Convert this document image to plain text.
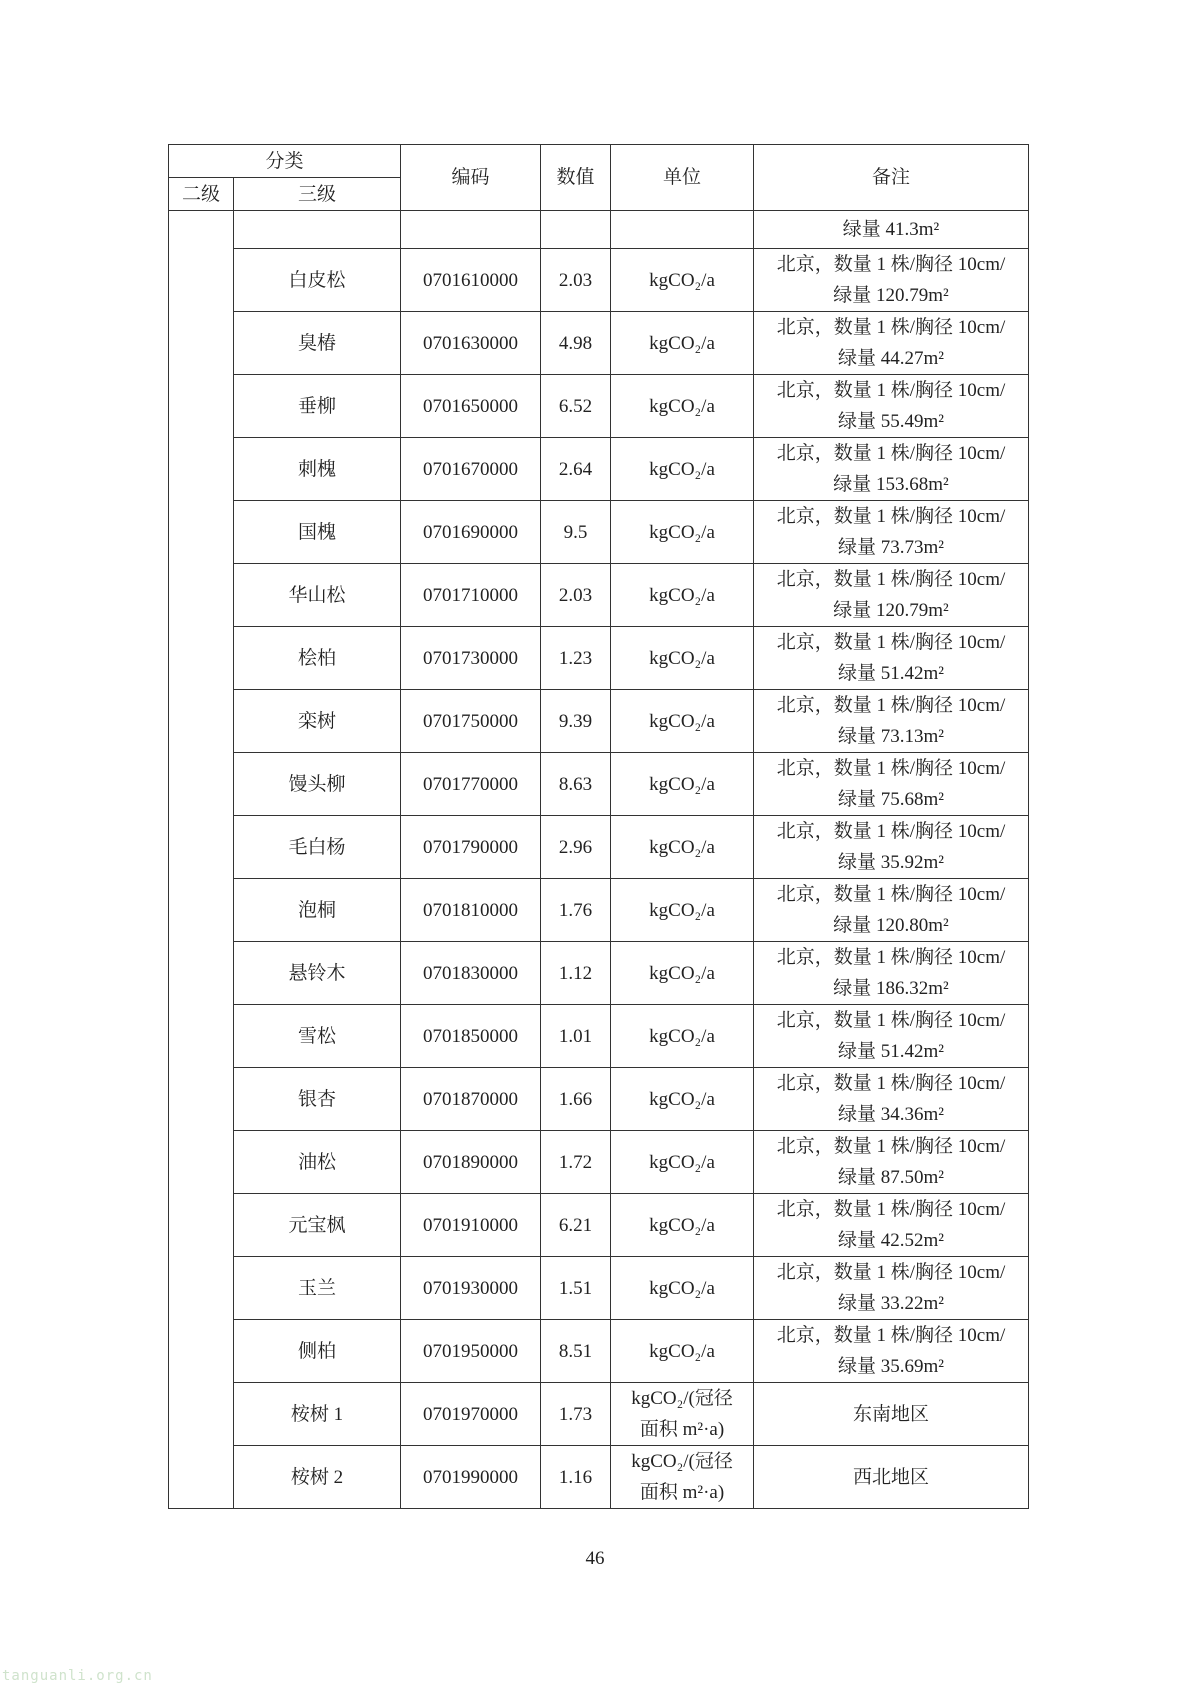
分类		编码	数值	单位	备注
二级	三级				
					绿量 41.3m²
	白皮松	0701610000	2.03	kgCO₂/a	北京，数量 1 株/胸径 10cm/
绿量 120.79m²

	臭椿	0701630000	4.98	kgCO₂/a	北京，数量 1 株/胸径 10cm/
绿量 44.27m²

	垂柳	0701650000	6.52	kgCO₂/a	北京，数量 1 株/胸径 10cm/
绿量 55.49m²

	刺槐	0701670000	2.64	kgCO₂/a	北京，数量 1 株/胸径 10cm/
绿量 153.68m²

	国槐	0701690000	9.5	kgCO₂/a	北京，数量 1 株/胸径 10cm/
绿量 73.73m²

	华山松	0701710000	2.03	kgCO₂/a	北京，数量 1 株/胸径 10cm/
绿量 120.79m²

	桧柏	0701730000	1.23	kgCO₂/a	北京，数量 1 株/胸径 10cm/
绿量 51.42m²

	栾树	0701750000	9.39	kgCO₂/a	北京，数量 1 株/胸径 10cm/
绿量 73.13m²

	馒头柳	0701770000	8.63	kgCO₂/a	北京，数量 1 株/胸径 10cm/
绿量 75.68m²

	毛白杨	0701790000	2.96	kgCO₂/a	北京，数量 1 株/胸径 10cm/
绿量 35.92m²

	泡桐	0701810000	1.76	kgCO₂/a	北京，数量 1 株/胸径 10cm/
绿量 120.80m²

	悬铃木	0701830000	1.12	kgCO₂/a	北京，数量 1 株/胸径 10cm/
绿量 186.32m²

	雪松	0701850000	1.01	kgCO₂/a	北京，数量 1 株/胸径 10cm/
绿量 51.42m²

	银杏	0701870000	1.66	kgCO₂/a	北京，数量 1 株/胸径 10cm/
绿量 34.36m²

	油松	0701890000	1.72	kgCO₂/a	北京，数量 1 株/胸径 10cm/
绿量 87.50m²

	元宝枫	0701910000	6.21	kgCO₂/a	北京，数量 1 株/胸径 10cm/
绿量 42.52m²

	玉兰	0701930000	1.51	kgCO₂/a	北京，数量 1 株/胸径 10cm/
绿量 33.22m²

	侧柏	0701950000	8.51	kgCO₂/a	北京，数量 1 株/胸径 10cm/
绿量 35.69m²

	桉树 1	0701970000	1.73	kgCO₂/(冠径
面积 m²·a)	东南地区

	桉树 2	0701990000	1.16	kgCO₂/(冠径
面积 m²·a)	西北地区
46
tanguanli.org.cn
